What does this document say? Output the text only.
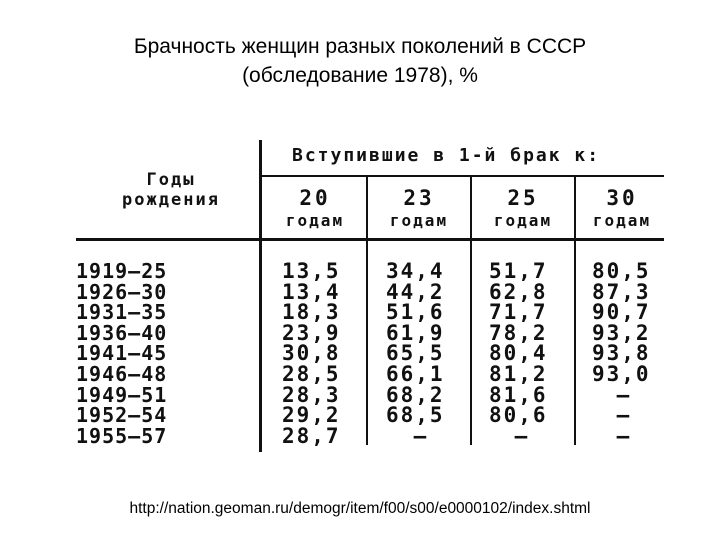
Брачность женщин разных поколений в СССР
(обследование 1978), %
Годы
рождения
Вступившие в 1-й брак к:
20
годам
23
годам
25
годам
30
годам
1919—25
1926—30
1931—35
1936—40
1941—45
1946—48
1949—51
1952—54
1955—57
13,5
13,4
18,3
23,9
30,8
28,5
28,3
29,2
28,7
34,4
44,2
51,6
61,9
65,5
66,1
68,2
68,5
—
51,7
62,8
71,7
78,2
80,4
81,2
81,6
80,6
—
80,5
87,3
90,7
93,2
93,8
93,0
—
—
—
http://nation.geoman.ru/demogr/item/f00/s00/e0000102/index.shtml
